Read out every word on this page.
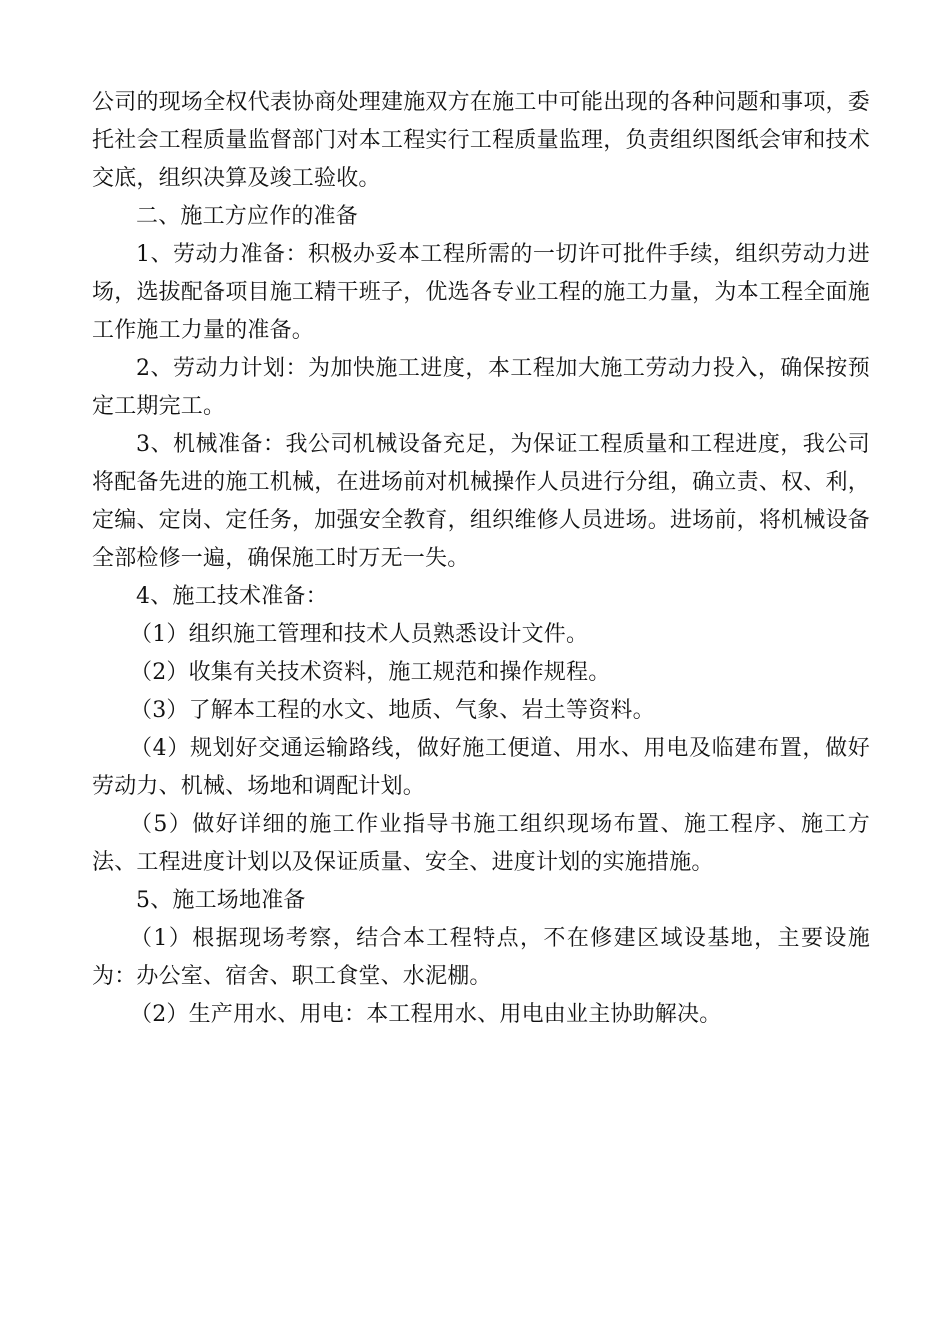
公司的现场全权代表协商处理建施双方在施工中可能出现的各种问题和事项，委托社会工程质量监督部门对本工程实行工程质量监理，负责组织图纸会审和技术交底，组织决算及竣工验收。

二、施工方应作的准备

1、劳动力准备：积极办妥本工程所需的一切许可批件手续，组织劳动力进场，选拔配备项目施工精干班子，优选各专业工程的施工力量，为本工程全面施工作施工力量的准备。

2、劳动力计划：为加快施工进度，本工程加大施工劳动力投入，确保按预定工期完工。

3、机械准备：我公司机械设备充足，为保证工程质量和工程进度，我公司将配备先进的施工机械，在进场前对机械操作人员进行分组，确立责、权、利，定编、定岗、定任务，加强安全教育，组织维修人员进场。进场前，将机械设备全部检修一遍，确保施工时万无一失。

4、施工技术准备：

（1）组织施工管理和技术人员熟悉设计文件。

（2）收集有关技术资料，施工规范和操作规程。

（3）了解本工程的水文、地质、气象、岩土等资料。

（4）规划好交通运输路线，做好施工便道、用水、用电及临建布置，做好劳动力、机械、场地和调配计划。

（5）做好详细的施工作业指导书施工组织现场布置、施工程序、施工方法、工程进度计划以及保证质量、安全、进度计划的实施措施。

5、施工场地准备

（1）根据现场考察，结合本工程特点，不在修建区域设基地，主要设施为：办公室、宿舍、职工食堂、水泥棚。

（2）生产用水、用电：本工程用水、用电由业主协助解决。
